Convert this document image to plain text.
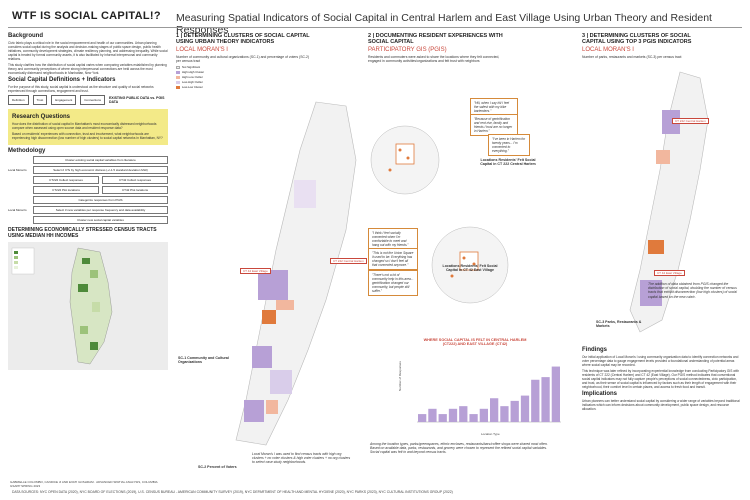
WTF IS SOCIAL CAPITAL!? Measuring Spatial Indicators of Social Capital in Central Harlem and East Village Using Urban Theory and Resident Responses
Background
Civic fabric plays a critical role in the social empowerment and health of our communities. Urban planning considers social capital during the analysis and decision-making stages of public space design, public health initiatives, community development strategies, climate resiliency planning, and addressing inequality. While social capital is treated by formal community assets, it is also facilitated by informal interpersonal and community relations.
This study clarifies how the distribution of social capital varies when comparing variables established by planning theory and community perceptions of where strong interpersonal connections are held across the most economically distressed neighborhoods in Manhattan, New York.
Social Capital Definitions + Indicators
For the purpose of this study, social capital is understood as the structure and quality of social networks experienced through connections, engagement and trust.
Definition	Trust	Engagement	Connections	EXISTING PUBLIC DATA vs. PGIS DATA
Research Questions
How does the distribution of social capital in Manhattan's most economically distressed neighborhoods compare when assessed using open source data and resident response data?
Based on residents' experiences with connection, trust and involvement, what neighborhoods are experiencing high disconnection (low number of high clusters) to social capital networks in Manhattan, NY?
Methodology
Cluster existing social capital variables from literature
Local Moran's	Select 2 CTs by high economic distress (+/-1.5 standard deviation MHI)
CT222 Collect responses	CT42 Collect responses
CT222 Plot locations	CT42 Plot locations
Categorize responses from PGIS
Local Moran's	Select 3 new variables per response frequency and data availability
Cluster new social capital variables
DETERMINING ECONOMICALLY STRESSED CENSUS TRACTS USING MEDIAN HH INCOMES
GABRIELLE COLOMBO, CANDICE JI AND EVATI GOSHRAM · ADVANCED SPATIAL ANALYSIS, COLUMBIA GSAPP SPRING 2023
1 | DETERMINING CLUSTERS OF SOCIAL CAPITAL USING URBAN THEORY INDICATORS
LOCAL MORAN'S I
Number of community and cultural organizations (SC-1) and percentage of voters (SC-2) per census tract
Not Significant
High-High Cluster
High-Low Outlier
Low-High Outlier
Low-Low Cluster
CT 42 East Village
CT 222 Central Harlem
SC-1 Community and Cultural Organizations
SC-2 Percent of Voters
Local Moran's I was used to find census tracts with high org clusters + no voter clusters & high voter clusters + no org clusters to select case study neighborhoods.
2 | DOCUMENTING RESIDENT EXPERIENCES WITH SOCIAL CAPITAL
PARTICIPATORY GIS (PGIS)
Residents and commuters were asked to share the locations where they felt connected, engaged in community activities/organizations and felt trust with neighbors
"Hiii, when I say hiii I feel the safest with my bike bartenders."
"Because of gentrification and rent rise, family and friends I trust are no longer in Harlem."
"I've been in Harlem for twenty years... I'm connected to everything."
Locations Residents' Felt Social Capital in CT 222 Central Harlem
"I think I feel socially connected when I'm comfortable to meet and hang out with my friends."
"This is not the Union Square it used to be. Everything has changed so I don't feel all that connected anymore."
"There's not a lot of community help in this area... gentrification changed our community, but people still suffer."
Locations Residents' Felt Social Capital in CT 42 East Village
WHERE SOCIAL CAPITAL IS FELT IN CENTRAL HARLEM (CT222) AND EAST VILLAGE (CT42)
Number of Responses
Location Type
Among the location types, parks/greenspaces, ethnic enclaves, restaurants/bars/coffee shops were shared most often. Based on available data, parks, restaurants, and grocery were chosen to represent the refined social capital variables. Social capital was felt in and beyond census tracts.
3 | DETERMINING CLUSTERS OF SOCIAL CAPITAL USING TOP 3 PGIS INDICATORS
LOCAL MORAN'S I
Number of parks, restaurants and markets (SC-3) per census tract
CT 222 Central Harlem
CT 42 East Village
The addition of data obtained from PGIS changed the distribution of social capital, doubling the number of census tracts that exhibit disconnection (low high clusters) of social capital based on the new rubric.
SC-3 Parks, Restaurants & Markets
Findings
Our initial application of Local Moran's I using community organization data to identify connection networks and voter percentage data to gauge engagement levels provided a foundational understanding of potential areas where social capital may be recorded.
This technique was later refined by incorporating experiential knowledge from conducting Participatory GIS with residents of CT 222 (Central Harlem) and CT 42 (East Village). Our PGIS method indicates that conventional social capital indicators may not fully capture people's perceptions of social connectedness, civic participation, and trust, as their sense of social capital is influenced by factors such as their length of engagement with their neighborhood, their comfort level in certain places, and access to fresh food and transit.
Implications
Urban planners can better understand social capital by considering a wider range of variables beyond traditional indicators which can inform decisions about community development, public space design, and resource allocation.
DATA SOURCES: NYC OPEN DATA (2020), NYC BOARD OF ELECTIONS (2019), U.S. CENSUS BUREAU - AMERICAN COMMUNITY SURVEY (2019), NYC DEPARTMENT OF HEALTH AND MENTAL HYGIENE (2020), NYC PARKS (2023), NYC CULTURAL INSTITUTIONS GROUP (2022)
